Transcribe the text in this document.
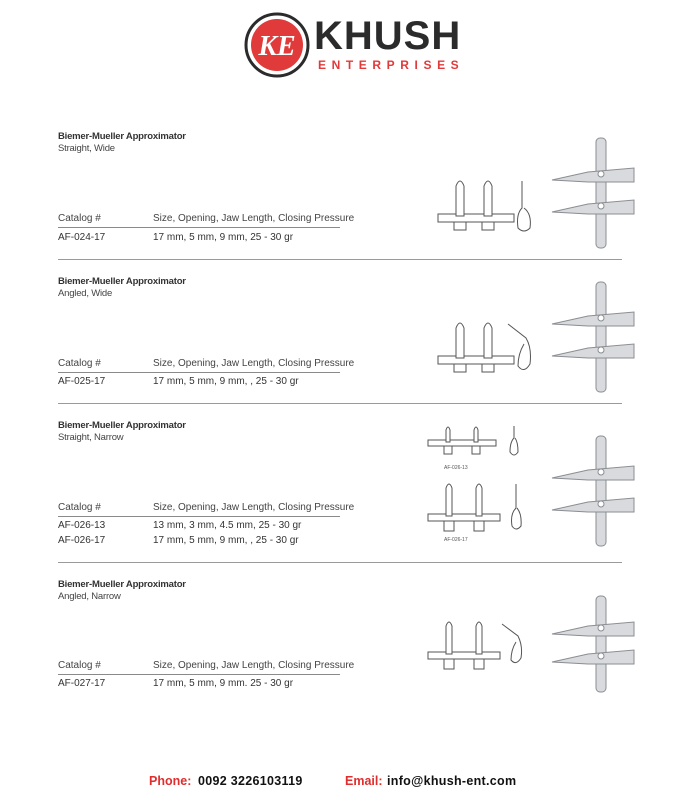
KE KHUSH
ENTERPRISES
Biemer-Mueller Approximator
Straight, Wide
Catalog #	Size, Opening, Jaw Length, Closing Pressure
AF-024-17	17 mm, 5 mm, 9 mm, 25 - 30 gr
Biemer-Mueller Approximator
Angled, Wide
Catalog #	Size, Opening, Jaw Length, Closing Pressure
AF-025-17	17 mm, 5 mm, 9 mm, , 25 - 30 gr
Biemer-Mueller Approximator
Straight, Narrow
Catalog #	Size, Opening, Jaw Length, Closing Pressure
AF-026-13	13 mm, 3 mm, 4.5 mm, 25 - 30 gr
AF-026-17	17 mm, 5 mm, 9 mm, , 25 - 30 gr
AF-026-13
AF-026-17
Biemer-Mueller Approximator
Angled, Narrow
Catalog #	Size, Opening, Jaw Length, Closing Pressure
AF-027-17	17 mm, 5 mm, 9 mm. 25 - 30 gr
Phone: 0092 3226103119	Email: info@khush-ent.com
